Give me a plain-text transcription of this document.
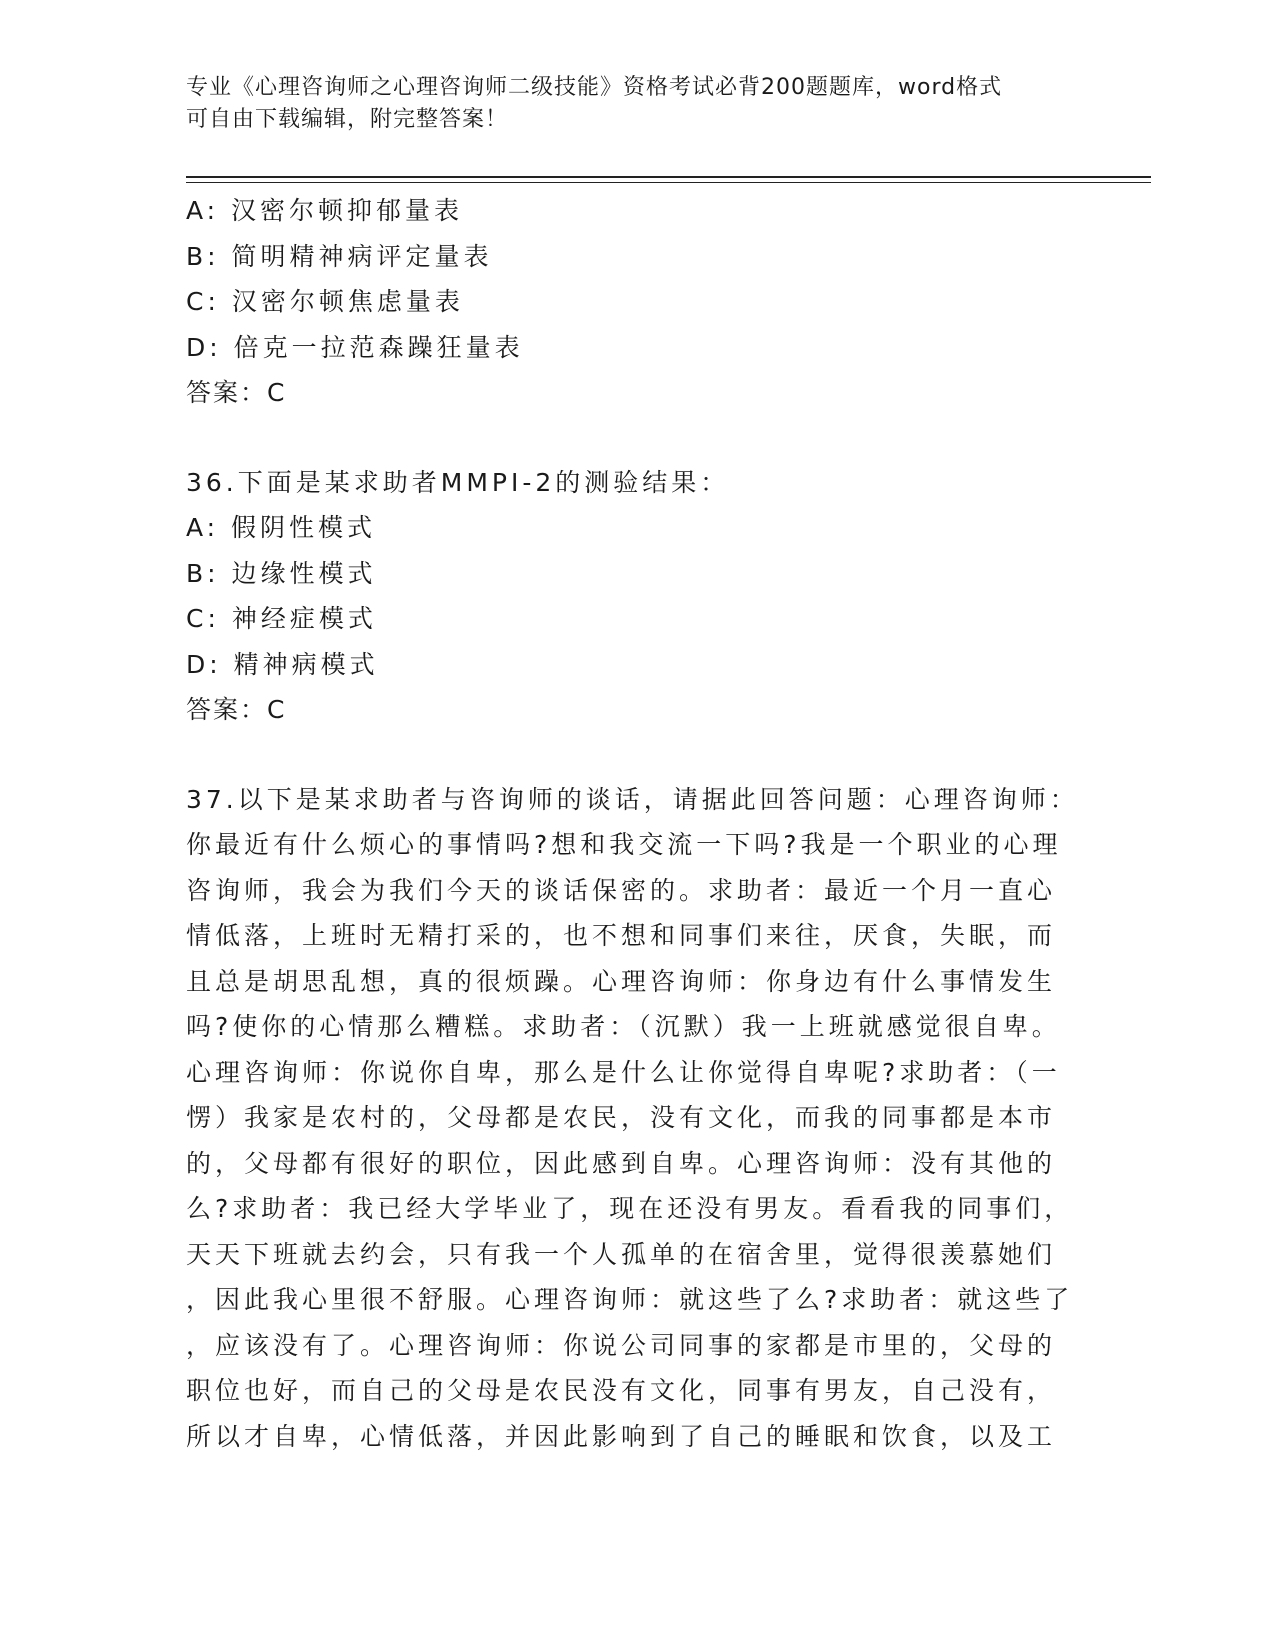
专业《心理咨询师之心理咨询师二级技能》资格考试必背200题题库，word格式
可自由下载编辑，附完整答案！
A: 汉密尔顿抑郁量表
B: 简明精神病评定量表
C: 汉密尔顿焦虑量表
D: 倍克一拉范森躁狂量表
答案：C
36.下面是某求助者MMPI-2的测验结果：
A: 假阴性模式
B: 边缘性模式
C: 神经症模式
D: 精神病模式
答案：C
37.以下是某求助者与咨询师的谈话，请据此回答问题：心理咨询师：
你最近有什么烦心的事情吗?想和我交流一下吗?我是一个职业的心理
咨询师，我会为我们今天的谈话保密的。求助者：最近一个月一直心
情低落，上班时无精打采的，也不想和同事们来往，厌食，失眠，而
且总是胡思乱想，真的很烦躁。心理咨询师：你身边有什么事情发生
吗?使你的心情那么糟糕。求助者：（沉默）我一上班就感觉很自卑。
心理咨询师：你说你自卑，那么是什么让你觉得自卑呢?求助者：（一
愣）我家是农村的，父母都是农民，没有文化，而我的同事都是本市
的，父母都有很好的职位，因此感到自卑。心理咨询师：没有其他的
么?求助者：我已经大学毕业了，现在还没有男友。看看我的同事们，
天天下班就去约会，只有我一个人孤单的在宿舍里，觉得很羡慕她们
，因此我心里很不舒服。心理咨询师：就这些了么?求助者：就这些了
，应该没有了。心理咨询师：你说公司同事的家都是市里的，父母的
职位也好，而自己的父母是农民没有文化，同事有男友，自己没有，
所以才自卑，心情低落，并因此影响到了自己的睡眠和饮食，以及工
